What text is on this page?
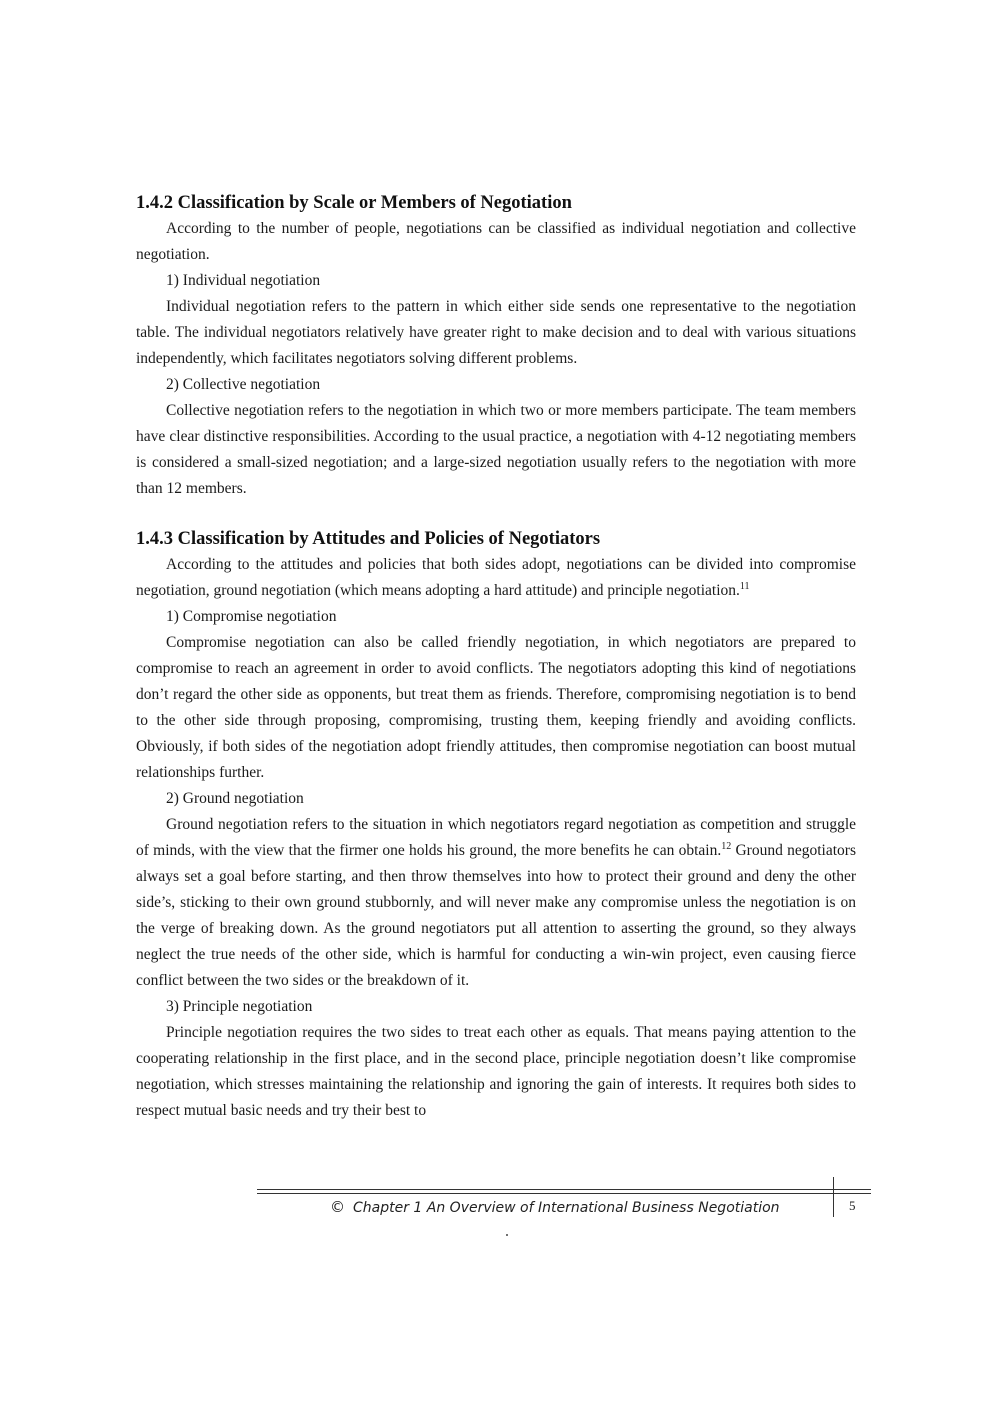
1.4.2 Classification by Scale or Members of Negotiation

According to the number of people, negotiations can be classified as individual negotiation and collective negotiation.

1) Individual negotiation

Individual negotiation refers to the pattern in which either side sends one representative to the negotiation table. The individual negotiators relatively have greater right to make decision and to deal with various situations independently, which facilitates negotiators solving different problems.

2) Collective negotiation

Collective negotiation refers to the negotiation in which two or more members participate. The team members have clear distinctive responsibilities. According to the usual practice, a negotiation with 4-12 negotiating members is considered a small-sized negotiation; and a large-sized negotiation usually refers to the negotiation with more than 12 members.

1.4.3 Classification by Attitudes and Policies of Negotiators

According to the attitudes and policies that both sides adopt, negotiations can be divided into compromise negotiation, ground negotiation (which means adopting a hard attitude) and principle negotiation.$^{11}$

1) Compromise negotiation

Compromise negotiation can also be called friendly negotiation, in which negotiators are prepared to compromise to reach an agreement in order to avoid conflicts. The negotiators adopting this kind of negotiations don’t regard the other side as opponents, but treat them as friends. Therefore, compromising negotiation is to bend to the other side through proposing, compromising, trusting them, keeping friendly and avoiding conflicts. Obviously, if both sides of the negotiation adopt friendly attitudes, then compromise negotiation can boost mutual relationships further.

2) Ground negotiation

Ground negotiation refers to the situation in which negotiators regard negotiation as competition and struggle of minds, with the view that the firmer one holds his ground, the more benefits he can obtain.$^{12}$ Ground negotiators always set a goal before starting, and then throw themselves into how to protect their ground and deny the other side’s, sticking to their own ground stubbornly, and will never make any compromise unless the negotiation is on the verge of breaking down. As the ground negotiators put all attention to asserting the ground, so they always neglect the true needs of the other side, which is harmful for conducting a win-win project, even causing fierce conflict between the two sides or the breakdown of it.

3) Principle negotiation

Principle negotiation requires the two sides to treat each other as equals. That means paying attention to the cooperating relationship in the first place, and in the second place, principle negotiation doesn’t like compromise negotiation, which stresses maintaining the relationship and ignoring the gain of interests. It requires both sides to respect mutual basic needs and try their best to

© Chapter 1 An Overview of International Business Negotiation	5
